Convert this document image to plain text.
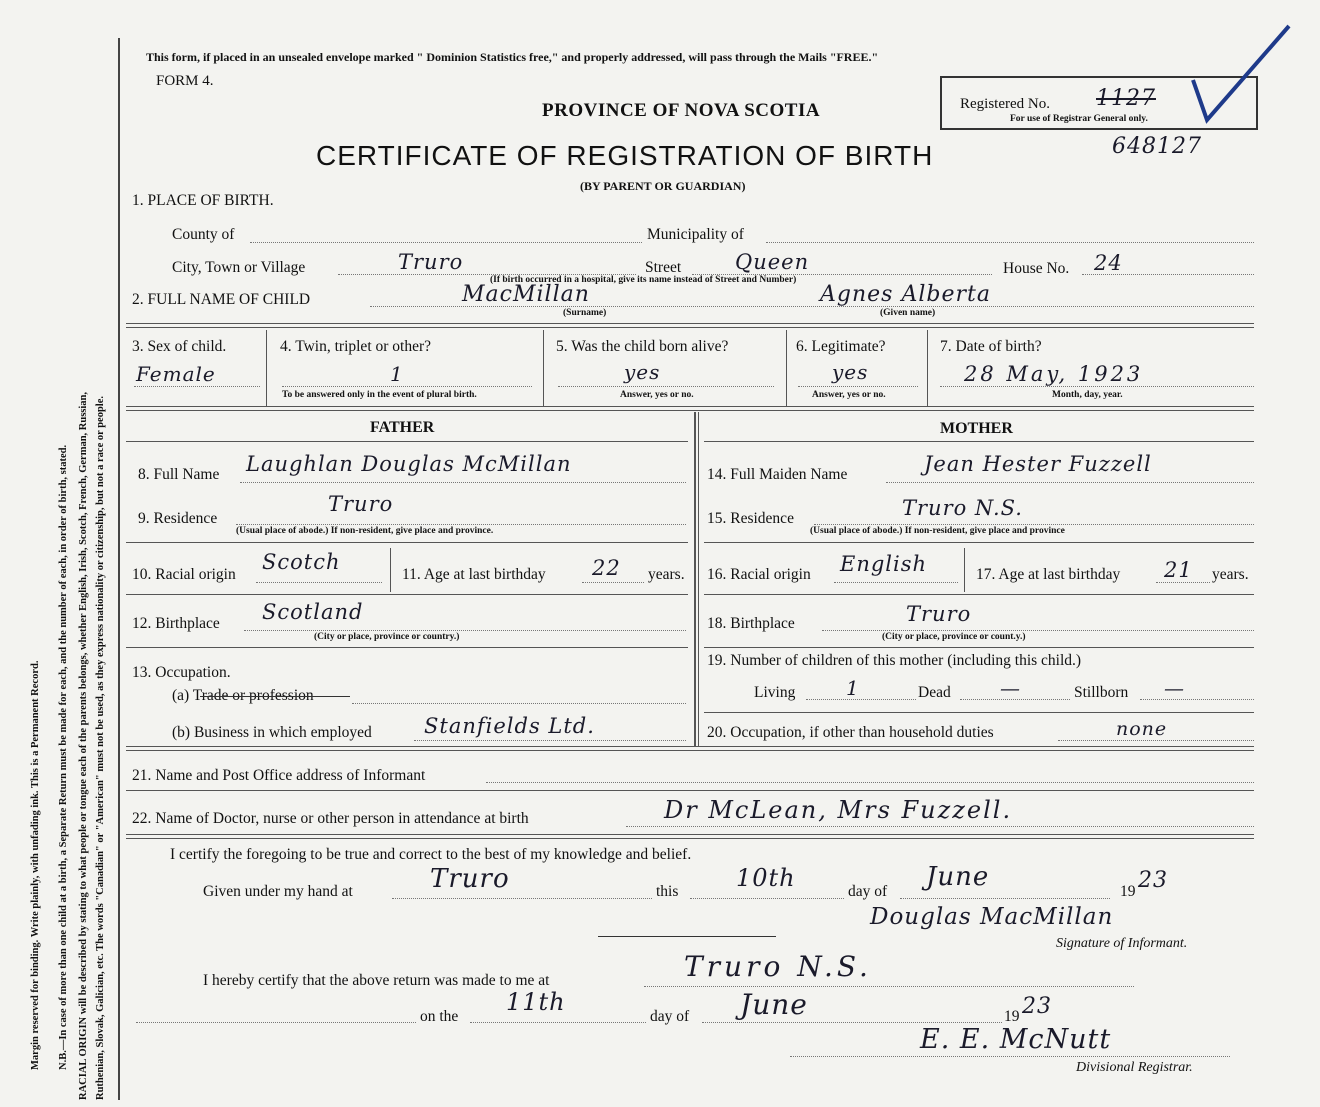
Margin reserved for binding. Write plainly, with unfading ink. This is a Permanent Record. N.B.—In case of more than one child at a birth, a Separate Return must be made for each, and the number of each, in order of birth, stated. RACIAL ORIGIN will be described by stating to what people or tongue each of the parents belongs, whether English, Irish, Scotch, French, German, Russian, Ruthenian, Slovak, Galician, etc. The words "Canadian" or "American" must not be used, as they express nationality or citizenship, but not a race or people.
This form, if placed in an unsealed envelope marked " Dominion Statistics free," and properly addressed, will pass through the Mails "FREE."
FORM 4.
PROVINCE OF NOVA SCOTIA
CERTIFICATE OF REGISTRATION OF BIRTH
(BY PARENT OR GUARDIAN)
Registered No. 1127
For use of Registrar General only.
648127
1. PLACE OF BIRTH.
County of	Municipality of
City, Town or Village	Truro	Street	Queen	House No. 24
(If birth occurred in a hospital, give its name instead of Street and Number)
2. FULL NAME OF CHILD	MacMillan	Agnes Alberta
(Surname)	(Given name)
3. Sex of child.
Female
4. Twin, triplet or other?
1
To be answered only in the event of plural birth.
5. Was the child born alive?
yes
Answer, yes or no.
6. Legitimate?
yes
Answer, yes or no.
7. Date of birth?
28 May, 1923
Month, day, year.
FATHER	MOTHER
8. Full Name Laughlan Douglas McMillan
9. Residence
Truro
(Usual place of abode.) If non-resident, give place and province.
10. Racial origin
Scotch
11. Age at last birthday 22 years.
12. Birthplace Scotland
(City or place, province or country.)
13. Occupation.
(a) Trade or profession
(b) Business in which employed Stanfields Ltd.
14. Full Maiden Name	Jean Hester Fuzzell
15. Residence	Truro N.S.
(Usual place of abode.) If non-resident, give place and province
16. Racial origin English	17. Age at last birthday 21 years.
18. Birthplace	Truro
(City or place, province or count.y.)
19. Number of children of this mother (including this child.)
Living	1	Dead —	Stillborn —
20. Occupation, if other than household duties	none
21. Name and Post Office address of Informant
22. Name of Doctor, nurse or other person in attendance at birth	Dr McLean, Mrs Fuzzell.
I certify the foregoing to be true and correct to the best of my knowledge and belief.
Given under my hand at	Truro	this 10th	day of June	19 23
Douglas MacMillan
Signature of Informant.
I hereby certify that the above return was made to me at	Truro N.S.
on the
11th
day of June	19 23
E. E. McNutt
Divisional Registrar.
